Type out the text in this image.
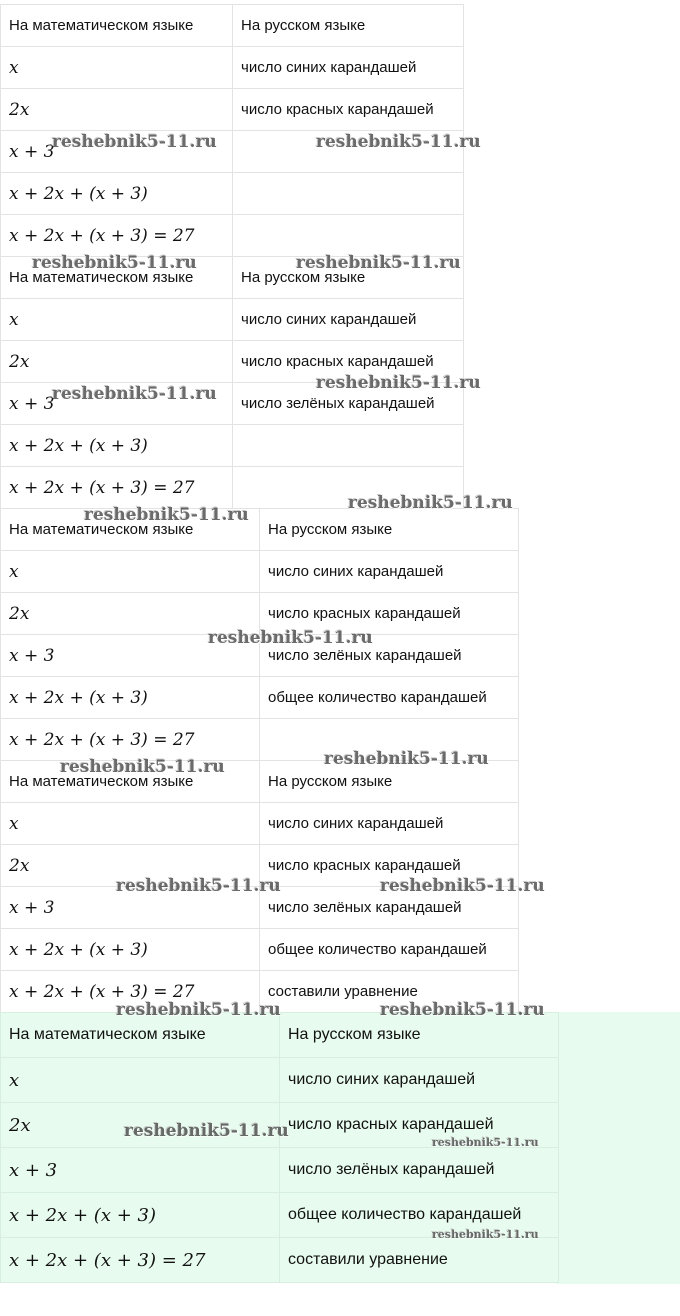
На математическом языке	На русском языке
x	число синих карандашей
2x	число красных карандашей
x + 3	
x + 2x + (x + 3)	
x + 2x + (x + 3) = 27	
На математическом языке	На русском языке
x	число синих карандашей
2x	число красных карандашей
x + 3	число зелёных карандашей
x + 2x + (x + 3)	
x + 2x + (x + 3) = 27	
На математическом языке	На русском языке
x	число синих карандашей
2x	число красных карандашей
x + 3	число зелёных карандашей
x + 2x + (x + 3)	общее количество карандашей
x + 2x + (x + 3) = 27	
На математическом языке	На русском языке
x	число синих карандашей
2x	число красных карандашей
x + 3	число зелёных карандашей
x + 2x + (x + 3)	общее количество карандашей
x + 2x + (x + 3) = 27	составили уравнение
На математическом языке	На русском языке
x	число синих карандашей
2x	число красных карандашей
x + 3	число зелёных карандашей
x + 2x + (x + 3)	общее количество карандашей
x + 2x + (x + 3) = 27	составили уравнение
reshebnik5-11.ru	reshebnik5-11.ru
reshebnik5-11.ru	reshebnik5-11.ru
reshebnik5-11.ru
reshebnik5-11.ru
reshebnik5-11.ru
reshebnik5-11.ru
reshebnik5-11.ru
reshebnik5-11.ru
reshebnik5-11.ru
reshebnik5-11.ru	reshebnik5-11.ru
reshebnik5-11.ru	reshebnik5-11.ru
reshebnik5-11.ru
reshebnik5-11.ru
reshebnik5-11.ru
